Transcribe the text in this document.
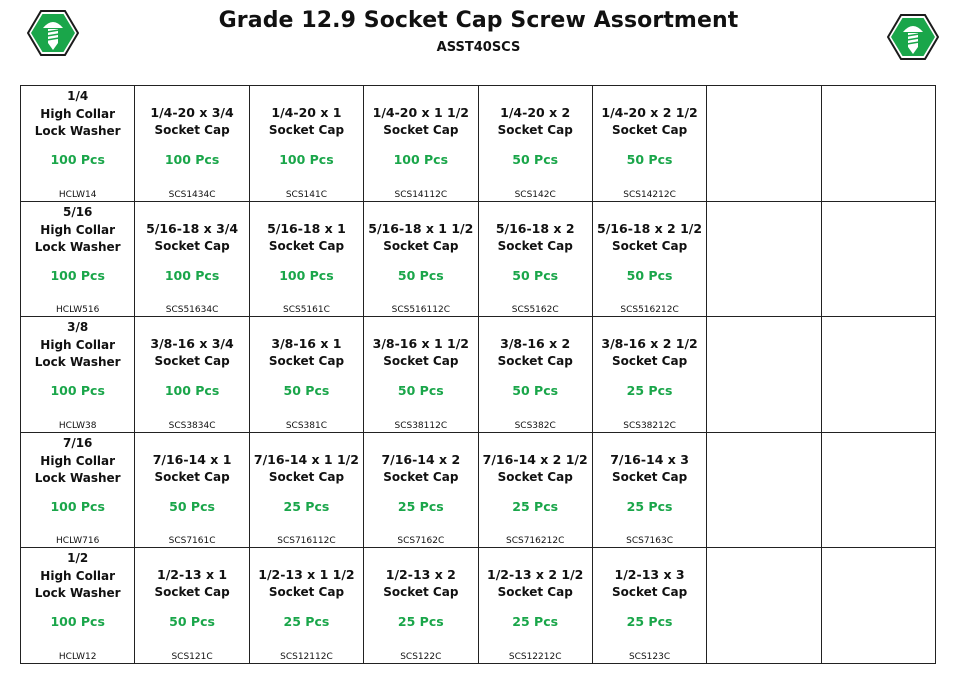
Grade 12.9 Socket Cap Screw Assortment
ASST40SCS
1/4
High Collar
Lock Washer
100 Pcs
HCLW14
1/4-20 x 3/4
Socket Cap
100 Pcs
SCS1434C
1/4-20 x 1
Socket Cap
100 Pcs
SCS141C
1/4-20 x 1 1/2
Socket Cap
100 Pcs
SCS14112C
1/4-20 x 2
Socket Cap
50 Pcs
SCS142C
1/4-20 x 2 1/2
Socket Cap
50 Pcs
SCS14212C
5/16
High Collar
Lock Washer
100 Pcs
HCLW516
5/16-18 x 3/4
Socket Cap
100 Pcs
SCS51634C
5/16-18 x 1
Socket Cap
100 Pcs
SCS5161C
5/16-18 x 1 1/2
Socket Cap
50 Pcs
SCS516112C
5/16-18 x 2
Socket Cap
50 Pcs
SCS5162C
5/16-18 x 2 1/2
Socket Cap
50 Pcs
SCS516212C
3/8
High Collar
Lock Washer
100 Pcs
HCLW38
3/8-16 x 3/4
Socket Cap
100 Pcs
SCS3834C
3/8-16 x 1
Socket Cap
50 Pcs
SCS381C
3/8-16 x 1 1/2
Socket Cap
50 Pcs
SCS38112C
3/8-16 x 2
Socket Cap
50 Pcs
SCS382C
3/8-16 x 2 1/2
Socket Cap
25 Pcs
SCS38212C
7/16
High Collar
Lock Washer
100 Pcs
HCLW716
7/16-14 x 1
Socket Cap
50 Pcs
SCS7161C
7/16-14 x 1 1/2
Socket Cap
25 Pcs
SCS716112C
7/16-14 x 2
Socket Cap
25 Pcs
SCS7162C
7/16-14 x 2 1/2
Socket Cap
25 Pcs
SCS716212C
7/16-14 x 3
Socket Cap
25 Pcs
SCS7163C
1/2
High Collar
Lock Washer
100 Pcs
HCLW12
1/2-13 x 1
Socket Cap
50 Pcs
SCS121C
1/2-13 x 1 1/2
Socket Cap
25 Pcs
SCS12112C
1/2-13 x 2
Socket Cap
25 Pcs
SCS122C
1/2-13 x 2 1/2
Socket Cap
25 Pcs
SCS12212C
1/2-13 x 3
Socket Cap
25 Pcs
SCS123C
